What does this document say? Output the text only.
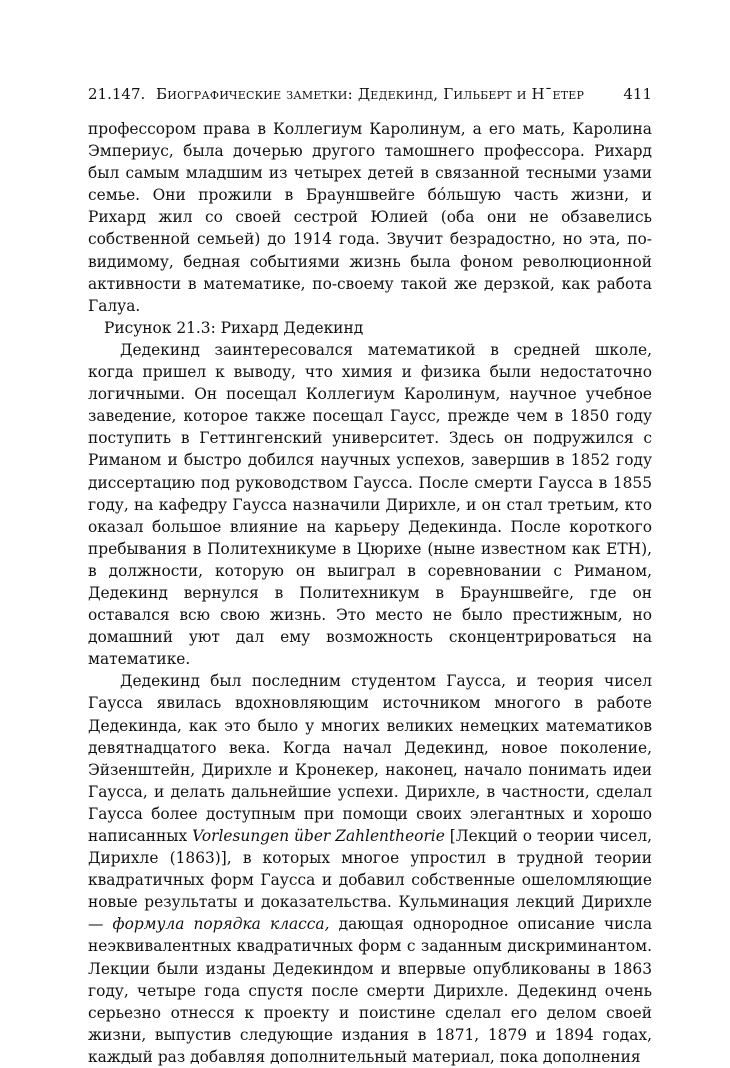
21.147. Биографические заметки: Дедекинд, Гильберт и Н¯етер	411

профессором права в Коллегиум Каролинум, а его мать, Каролина Эмпериус, была дочерью другого тамошнего профессора. Рихард был самым младшим из четырех детей в связанной тесными узами семье. Они прожили в Брауншвейге бо́льшую часть жизни, и Рихард жил со своей сестрой Юлией (оба они не обзавелись собственной семьей) до 1914 года. Звучит безрадостно, но эта, по-видимому, бедная событиями жизнь была фоном революционной активности в математике, по-своему такой же дерзкой, как работа Галуа.

Рисунок 21.3: Рихард Дедекинд

Дедекинд заинтересовался математикой в средней школе, когда пришел к выводу, что химия и физика были недостаточно логичными. Он посещал Коллегиум Каролинум, научное учебное заведение, которое также посещал Гаусс, прежде чем в 1850 году поступить в Геттингенский университет. Здесь он подружился с Риманом и быстро добился научных успехов, завершив в 1852 году диссертацию под руководством Гаусса. После смерти Гаусса в 1855 году, на кафедру Гаусса назначили Дирихле, и он стал третьим, кто оказал большое влияние на карьеру Дедекинда. После короткого пребывания в Политехникуме в Цюрихе (ныне известном как ETH), в должности, которую он выиграл в соревновании с Риманом, Дедекинд вернулся в Политехникум в Брауншвейге, где он оставался всю свою жизнь. Это место не было престижным, но домашний уют дал ему возможность сконцентрироваться на математике.

Дедекинд был последним студентом Гаусса, и теория чисел Гаусса явилась вдохновляющим источником многого в работе Дедекинда, как это было у многих великих немецких математиков девятнадцатого века. Когда начал Дедекинд, новое поколение, Эйзенштейн, Дирихле и Кронекер, наконец, начало понимать идеи Гаусса, и делать дальнейшие успехи. Дирихле, в частности, сделал Гаусса более доступным при помощи своих элегантных и хорошо написанных Vorlesungen über Zahlentheorie [Лекций о теории чисел, Дирихле (1863)], в которых многое упростил в трудной теории квадратичных форм Гаусса и добавил собственные ошеломляющие новые результаты и доказательства. Кульминация лекций Дирихле — формула порядка класса, дающая однородное описание числа неэквивалентных квадратичных форм с заданным дискриминантом. Лекции были изданы Дедекиндом и впервые опубликованы в 1863 году, четыре года спустя после смерти Дирихле. Дедекинд очень серьезно отнесся к проекту и поистине сделал его делом своей жизни, выпустив следующие издания в 1871, 1879 и 1894 годах, каждый раз добавляя дополнительный материал, пока дополнения
